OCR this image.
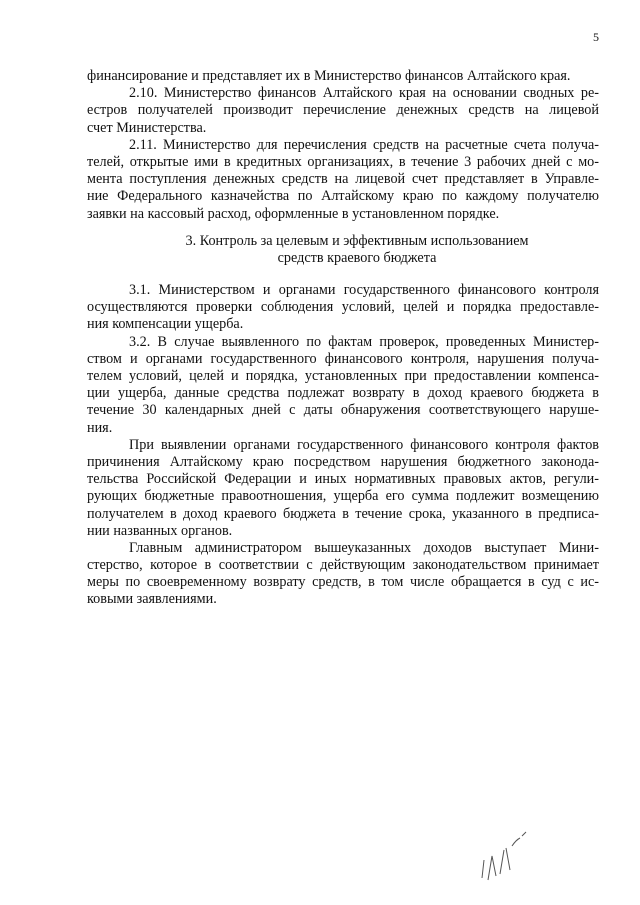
5
финансирование и представляет их в Министерство финансов Алтайского края.
2.10. Министерство финансов Алтайского края на основании сводных ре-
естров получателей производит перечисление денежных средств на лицевой
счет Министерства.
2.11. Министерство для перечисления средств на расчетные счета получа-
телей, открытые ими в кредитных организациях, в течение 3 рабочих дней с мо-
мента поступления денежных средств на лицевой счет представляет в Управле-
ние Федерального казначейства по Алтайскому краю по каждому получателю
заявки на кассовый расход, оформленные в установленном порядке.
3. Контроль за целевым и эффективным использованием
средств краевого бюджета
3.1. Министерством и органами государственного финансового контроля
осуществляются проверки соблюдения условий, целей и порядка предоставле-
ния компенсации ущерба.
3.2. В случае выявленного по фактам проверок, проведенных Министер-
ством и органами государственного финансового контроля, нарушения получа-
телем условий, целей и порядка, установленных при предоставлении компенса-
ции ущерба, данные средства подлежат возврату в доход краевого бюджета в
течение 30 календарных дней с даты обнаружения соответствующего наруше-
ния.
При выявлении органами государственного финансового контроля фактов
причинения Алтайскому краю посредством нарушения бюджетного законода-
тельства Российской Федерации и иных нормативных правовых актов, регули-
рующих бюджетные правоотношения, ущерба его сумма подлежит возмещению
получателем в доход краевого бюджета в течение срока, указанного в предписа-
нии названных органов.
Главным администратором вышеуказанных доходов выступает Мини-
стерство, которое в соответствии с действующим законодательством принимает
меры по своевременному возврату средств, в том числе обращается в суд с ис-
ковыми заявлениями.
